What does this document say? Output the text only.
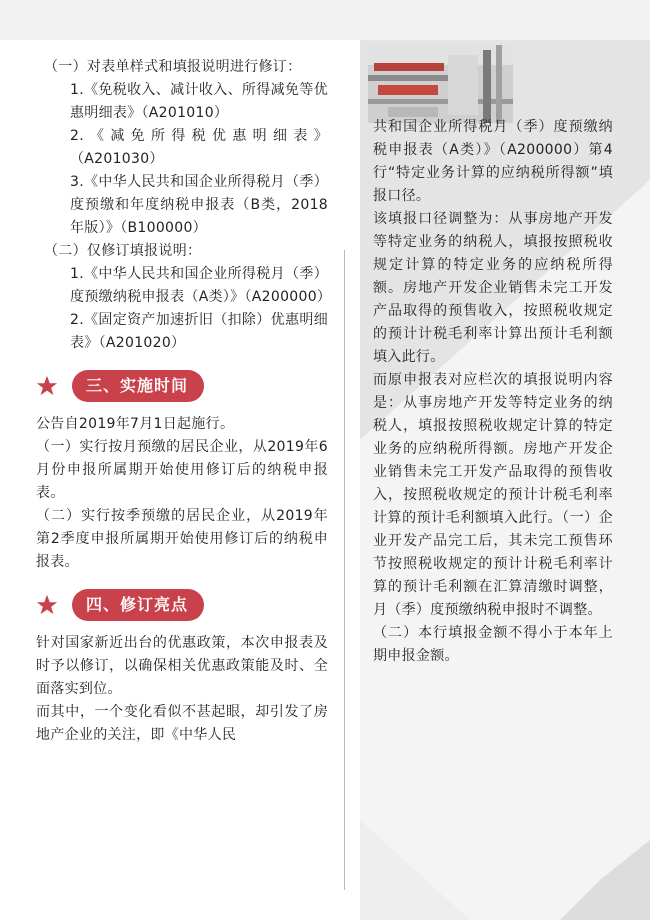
（一）对表单样式和填报说明进行修订：

1.《免税收入、减计收入、所得减免等优惠明细表》（A201010）

2.《减免所得税优惠明细表》（A201030）

3.《中华人民共和国企业所得税月（季）度预缴和年度纳税申报表（B类，2018年版）》（B100000）

（二）仅修订填报说明：

1.《中华人民共和国企业所得税月（季）度预缴纳税申报表（A类）》（A200000）

2.《固定资产加速折旧（扣除）优惠明细表》（A201020）

三、实施时间

公告自2019年7月1日起施行。

（一）实行按月预缴的居民企业，从2019年6月份申报所属期开始使用修订后的纳税申报表。

（二）实行按季预缴的居民企业，从2019年第2季度申报所属期开始使用修订后的纳税申报表。

四、修订亮点

针对国家新近出台的优惠政策，本次申报表及时予以修订，以确保相关优惠政策能及时、全面落实到位。

而其中，一个变化看似不甚起眼，却引发了房地产企业的关注，即《中华人民

共和国企业所得税月（季）度预缴纳税申报表（A类）》（A200000）第4行“特定业务计算的应纳税所得额”填报口径。

该填报口径调整为：从事房地产开发等特定业务的纳税人，填报按照税收规定计算的特定业务的应纳税所得额。房地产开发企业销售未完工开发产品取得的预售收入，按照税收规定的预计计税毛利率计算出预计毛利额填入此行。

而原申报表对应栏次的填报说明内容是：从事房地产开发等特定业务的纳税人，填报按照税收规定计算的特定业务的应纳税所得额。房地产开发企业销售未完工开发产品取得的预售收入，按照税收规定的预计计税毛利率计算的预计毛利额填入此行。（一）企业开发产品完工后，其未完工预售环节按照税收规定的预计计税毛利率计算的预计毛利额在汇算清缴时调整，月（季）度预缴纳税申报时不调整。

（二）本行填报金额不得小于本年上期申报金额。
